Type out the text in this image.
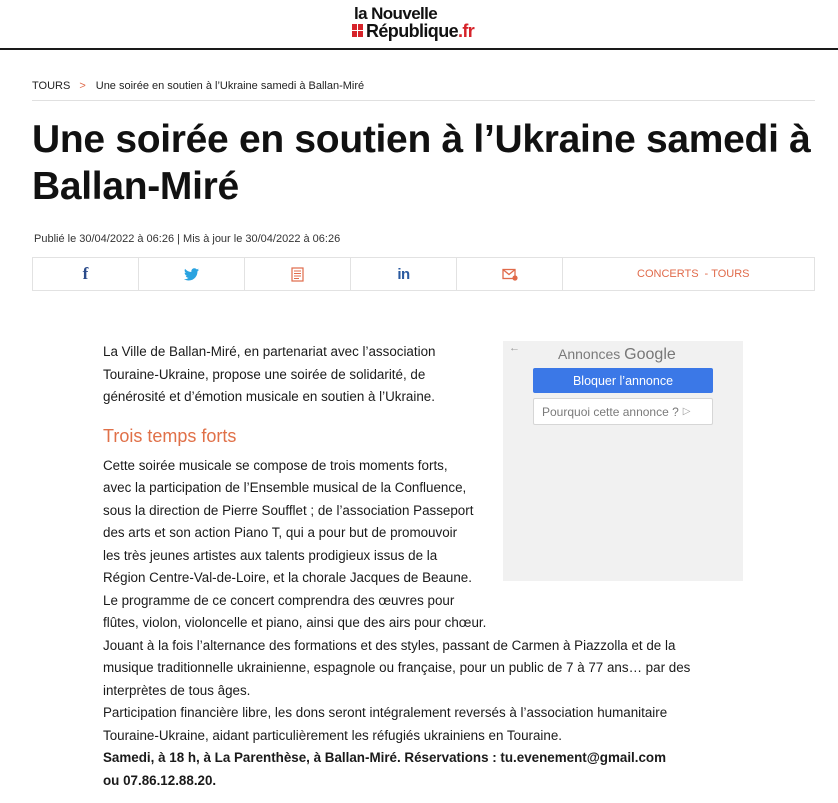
la Nouvelle
République.fr
TOURS > Une soirée en soutien à l’Ukraine samedi à Ballan-Miré
Une soirée en soutien à l’Ukraine samedi à Ballan-Miré
Publié le 30/04/2022 à 06:26 | Mis à jour le 30/04/2022 à 06:26
f	in	CONCERTS - TOURS
←	Annonces Google
Bloquer l’annonce
Pourquoi cette annonce ? ▷

La Ville de Ballan-Miré, en partenariat avec l’association Touraine-Ukraine, propose une soirée de solidarité, de générosité et d’émotion musicale en soutien à l’Ukraine.

Trois temps forts

Cette soirée musicale se compose de trois moments forts,
avec la participation de l’Ensemble musical de la Confluence,
sous la direction de Pierre Soufflet ; de l’association Passeport
des arts et son action Piano T, qui a pour but de promouvoir
les très jeunes artistes aux talents prodigieux issus de la
Région Centre-Val-de-Loire, et la chorale Jacques de Beaune.
Le programme de ce concert comprendra des œuvres pour
flûtes, violon, violoncelle et piano, ainsi que des airs pour chœur.

Jouant à la fois l’alternance des formations et des styles, passant de Carmen à Piazzolla et de la musique traditionnelle ukrainienne, espagnole ou française, pour un public de 7 à 77 ans… par des interprètes de tous âges.

Participation financière libre, les dons seront intégralement reversés à l’association humanitaire Touraine-Ukraine, aidant particulièrement les réfugiés ukrainiens en Touraine.

Samedi, à 18 h, à La Parenthèse, à Ballan-Miré. Réservations : tu.evenement@gmail.com ou 07.86.12.88.20.
